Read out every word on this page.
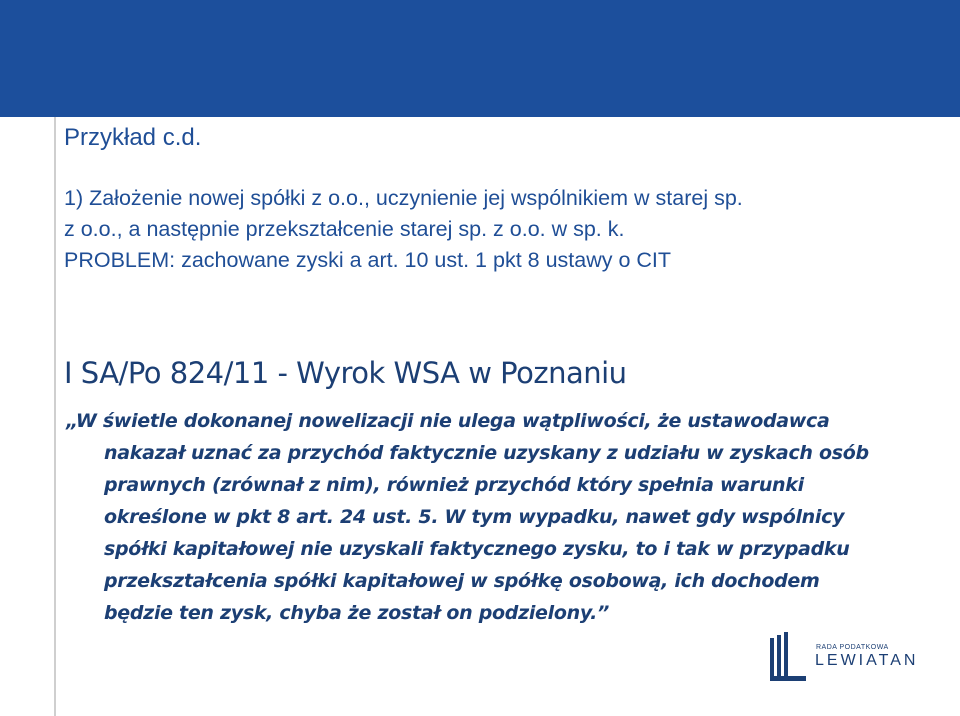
Przykład c.d.
1) Założenie nowej spółki z o.o., uczynienie jej wspólnikiem w starej sp.
z o.o., a następnie przekształcenie starej sp. z o.o. w sp. k.
PROBLEM: zachowane zyski a art. 10 ust. 1 pkt 8 ustawy o CIT
I SA/Po 824/11 - Wyrok WSA w Poznaniu
„W świetle dokonanej nowelizacji nie ulega wątpliwości, że ustawodawca
nakazał uznać za przychód faktycznie uzyskany z udziału w zyskach osób
prawnych (zrównał z nim), również przychód który spełnia warunki
określone w pkt 8 art. 24 ust. 5. W tym wypadku, nawet gdy wspólnicy
spółki kapitałowej nie uzyskali faktycznego zysku, to i tak w przypadku
przekształcenia spółki kapitałowej w spółkę osobową, ich dochodem
będzie ten zysk, chyba że został on podzielony.”
RADA PODATKOWA
LEWIATAN
